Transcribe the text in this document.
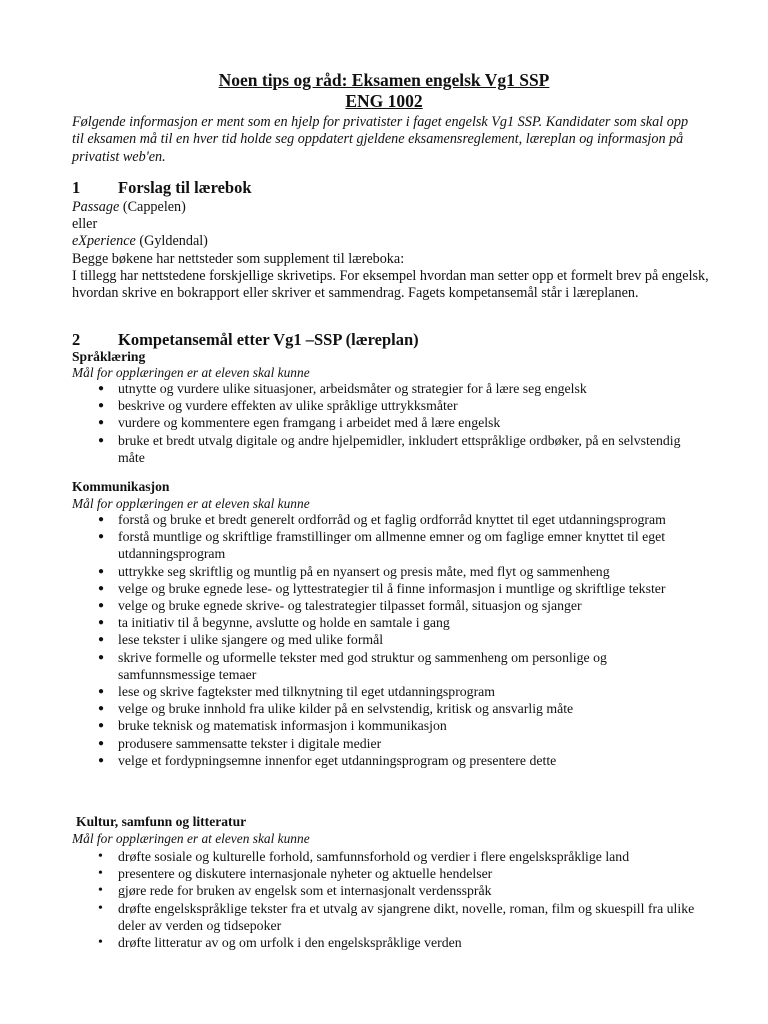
Noen tips og råd: Eksamen engelsk Vg1 SSP
ENG 1002
Følgende informasjon er ment som en hjelp for privatister i faget engelsk Vg1 SSP. Kandidater som skal opp til eksamen må til en hver tid holde seg oppdatert gjeldene eksamensreglement, læreplan og informasjon på privatist web'en.
1 Forslag til lærebok
Passage (Cappelen)
eller
eXperience (Gyldendal)
Begge bøkene har nettsteder som supplement til læreboka:
I tillegg har nettstedene forskjellige skrivetips. For eksempel hvordan man setter opp et formelt brev på engelsk, hvordan skrive en bokrapport eller skriver et sammendrag. Fagets kompetansemål står i læreplanen.
2 Kompetansemål etter Vg1 –SSP (læreplan)
Språklæring
Mål for opplæringen er at eleven skal kunne
● utnytte og vurdere ulike situasjoner, arbeidsmåter og strategier for å lære seg engelsk
● beskrive og vurdere effekten av ulike språklige uttrykksmåter
● vurdere og kommentere egen framgang i arbeidet med å lære engelsk
● bruke et bredt utvalg digitale og andre hjelpemidler, inkludert ettspråklige ordbøker, på en selvstendig måte
Kommunikasjon
Mål for opplæringen er at eleven skal kunne
● forstå og bruke et bredt generelt ordforråd og et faglig ordforråd knyttet til eget utdanningsprogram
● forstå muntlige og skriftlige framstillinger om allmenne emner og om faglige emner knyttet til eget utdanningsprogram
● uttrykke seg skriftlig og muntlig på en nyansert og presis måte, med flyt og sammenheng
● velge og bruke egnede lese- og lyttestrategier til å finne informasjon i muntlige og skriftlige tekster
● velge og bruke egnede skrive- og talestrategier tilpasset formål, situasjon og sjanger
● ta initiativ til å begynne, avslutte og holde en samtale i gang
● lese tekster i ulike sjangere og med ulike formål
● skrive formelle og uformelle tekster med god struktur og sammenheng om personlige og samfunnsmessige temaer
● lese og skrive fagtekster med tilknytning til eget utdanningsprogram
● velge og bruke innhold fra ulike kilder på en selvstendig, kritisk og ansvarlig måte
● bruke teknisk og matematisk informasjon i kommunikasjon
● produsere sammensatte tekster i digitale medier
● velge et fordypningsemne innenfor eget utdanningsprogram og presentere dette
Kultur, samfunn og litteratur
Mål for opplæringen er at eleven skal kunne
• drøfte sosiale og kulturelle forhold, samfunnsforhold og verdier i flere engelskspråklige land
• presentere og diskutere internasjonale nyheter og aktuelle hendelser
• gjøre rede for bruken av engelsk som et internasjonalt verdensspråk
• drøfte engelskspråklige tekster fra et utvalg av sjangrene dikt, novelle, roman, film og skuespill fra ulike deler av verden og tidsepoker
• drøfte litteratur av og om urfolk i den engelskspråklige verden
